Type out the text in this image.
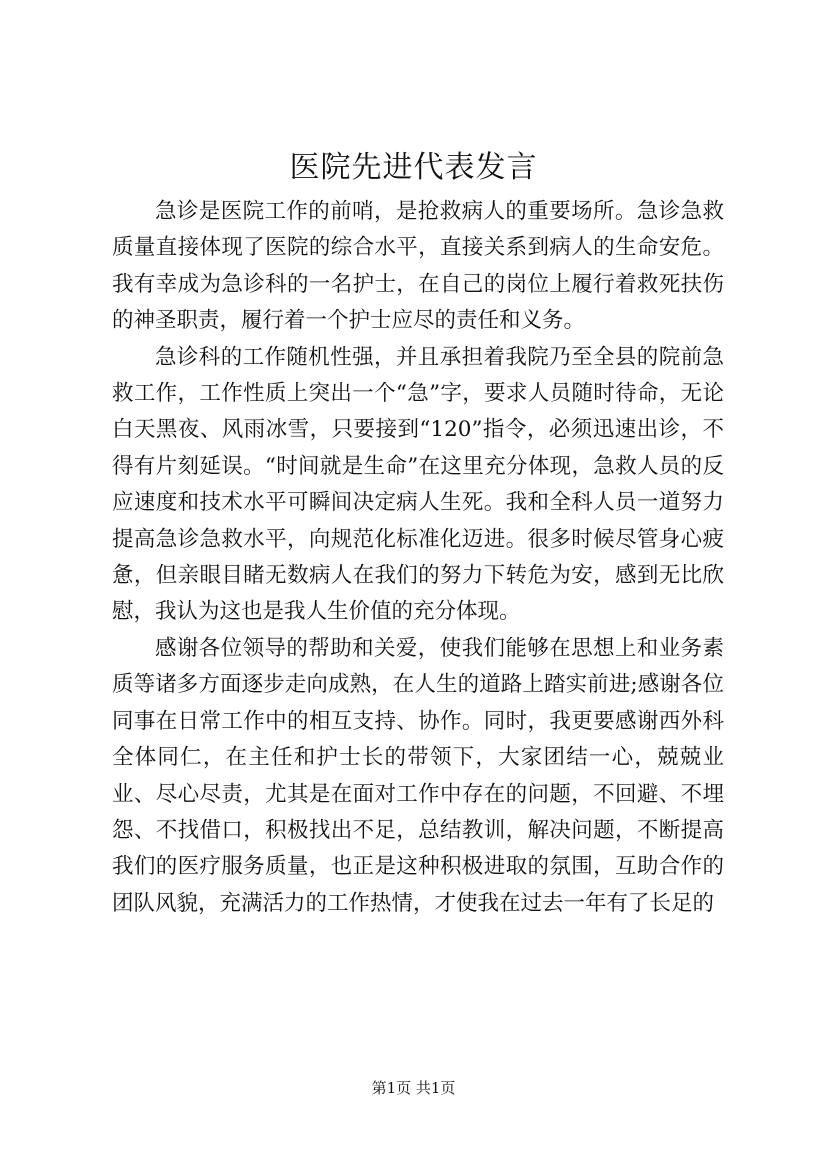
医院先进代表发言

急诊是医院工作的前哨，是抢救病人的重要场所。急诊急救质量直接体现了医院的综合水平，直接关系到病人的生命安危。我有幸成为急诊科的一名护士，在自己的岗位上履行着救死扶伤的神圣职责，履行着一个护士应尽的责任和义务。

急诊科的工作随机性强，并且承担着我院乃至全县的院前急救工作，工作性质上突出一个“急”字，要求人员随时待命，无论白天黑夜、风雨冰雪，只要接到“120”指令，必须迅速出诊，不得有片刻延误。“时间就是生命”在这里充分体现，急救人员的反应速度和技术水平可瞬间决定病人生死。我和全科人员一道努力提高急诊急救水平，向规范化标准化迈进。很多时候尽管身心疲惫，但亲眼目睹无数病人在我们的努力下转危为安，感到无比欣慰，我认为这也是我人生价值的充分体现。

感谢各位领导的帮助和关爱，使我们能够在思想上和业务素质等诸多方面逐步走向成熟，在人生的道路上踏实前进;感谢各位同事在日常工作中的相互支持、协作。同时，我更要感谢西外科全体同仁，在主任和护士长的带领下，大家团结一心，兢兢业业、尽心尽责，尤其是在面对工作中存在的问题，不回避、不埋怨、不找借口，积极找出不足，总结教训，解决问题，不断提高我们的医疗服务质量，也正是这种积极进取的氛围，互助合作的团队风貌，充满活力的工作热情，才使我在过去一年有了长足的

第1页 共1页
